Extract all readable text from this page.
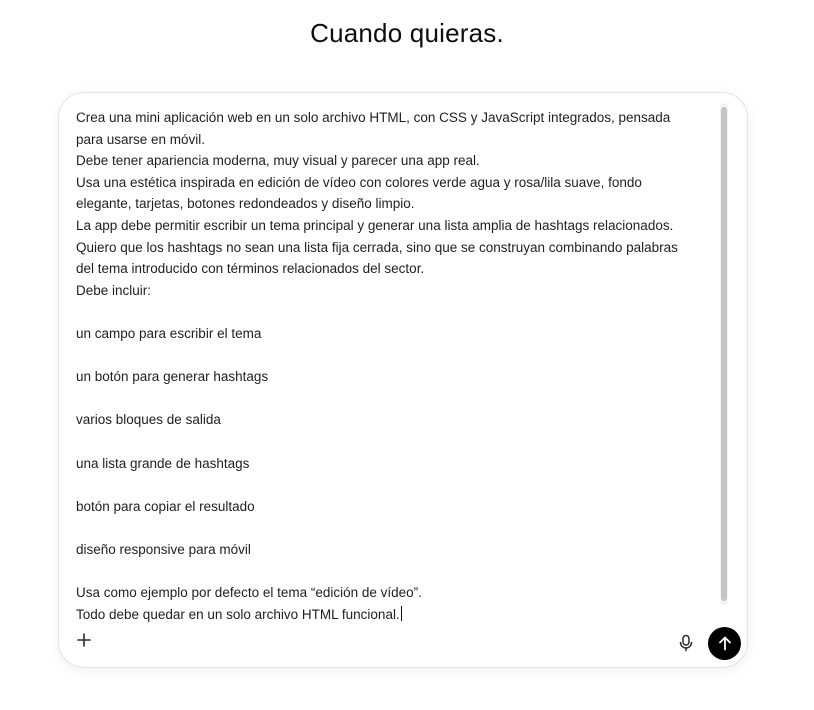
Cuando quieras.

Crea una mini aplicación web en un solo archivo HTML, con CSS y JavaScript integrados, pensada

para usarse en móvil.

Debe tener apariencia moderna, muy visual y parecer una app real.

Usa una estética inspirada en edición de vídeo con colores verde agua y rosa/lila suave, fondo

elegante, tarjetas, botones redondeados y diseño limpio.

La app debe permitir escribir un tema principal y generar una lista amplia de hashtags relacionados.

Quiero que los hashtags no sean una lista fija cerrada, sino que se construyan combinando palabras

del tema introducido con términos relacionados del sector.

Debe incluir:

un campo para escribir el tema

un botón para generar hashtags

varios bloques de salida

una lista grande de hashtags

botón para copiar el resultado

diseño responsive para móvil

Usa como ejemplo por defecto el tema “edición de vídeo”.

Todo debe quedar en un solo archivo HTML funcional.
